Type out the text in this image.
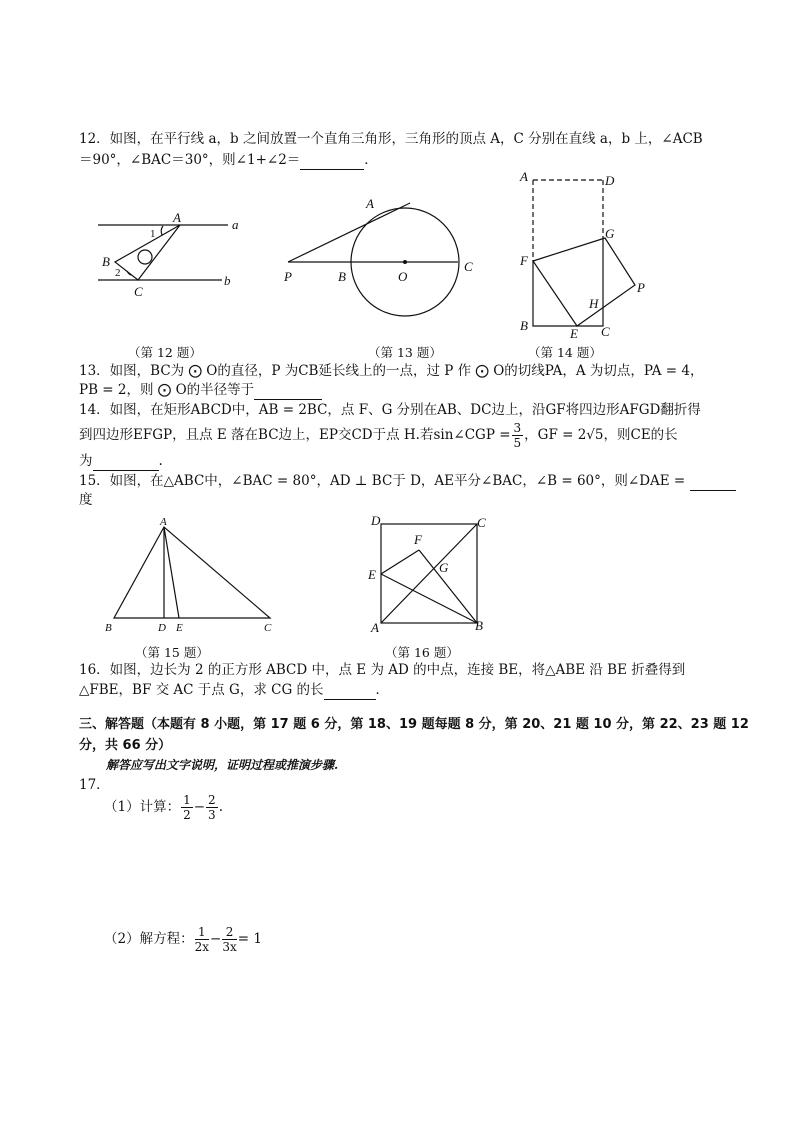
12．如图，在平行线 a，b 之间放置一个直角三角形，三角形的顶点 A，C 分别在直线 a，b 上，∠ACB
＝90°，∠BAC＝30°，则∠1+∠2＝	．
A	a
B
C
b
1
2
（第 12 题）
A
P	B	O
C
（第 13 题）
A	D
F
G
P
H
B
E C
（第 14 题）
13．如图，BC为 ⨀ O的直径，P 为CB延长线上的一点，过 P 作 ⨀ O的切线PA，A 为切点，PA = 4，
PB = 2，则 ⨀ O的半径等于
14．如图，在矩形ABCD中，AB = 2BC，点 F、G 分别在AB、DC边上，沿GF将四边形AFGD翻折得
到四边形EFGP，且点 E 落在BC边上，EP交CD于点 H.若sin∠CGP = $\frac{3}{5}$ ，GF = 2√5，则CE的长
为	.
15．如图，在△ABC中，∠BAC = 80°，AD ⊥ BC于 D，AE平分∠BAC，∠B = 60°，则∠DAE =
度
A
B	D E	C
（第 15 题）
D	C
F
E	G
A	B
（第 16 题）
16．如图，边长为 2 的正方形 ABCD 中，点 E 为 AD 的中点，连接 BE，将△ABE 沿 BE 折叠得到
△FBE，BF 交 AC 于点 G，求 CG 的长	．
三、解答题（本题有 8 小题，第 17 题 6 分，第 18、19 题每题 8 分，第 20、21 题 10 分，第 22、23 题 12
分，共 66 分）
解答应写出文字说明，证明过程或推演步骤.
17．
（1）计算： $\frac{1}{2} - \frac{2}{3}$ .
（2）解方程： $\frac{1}{2x} - \frac{2}{3x} = 1$
